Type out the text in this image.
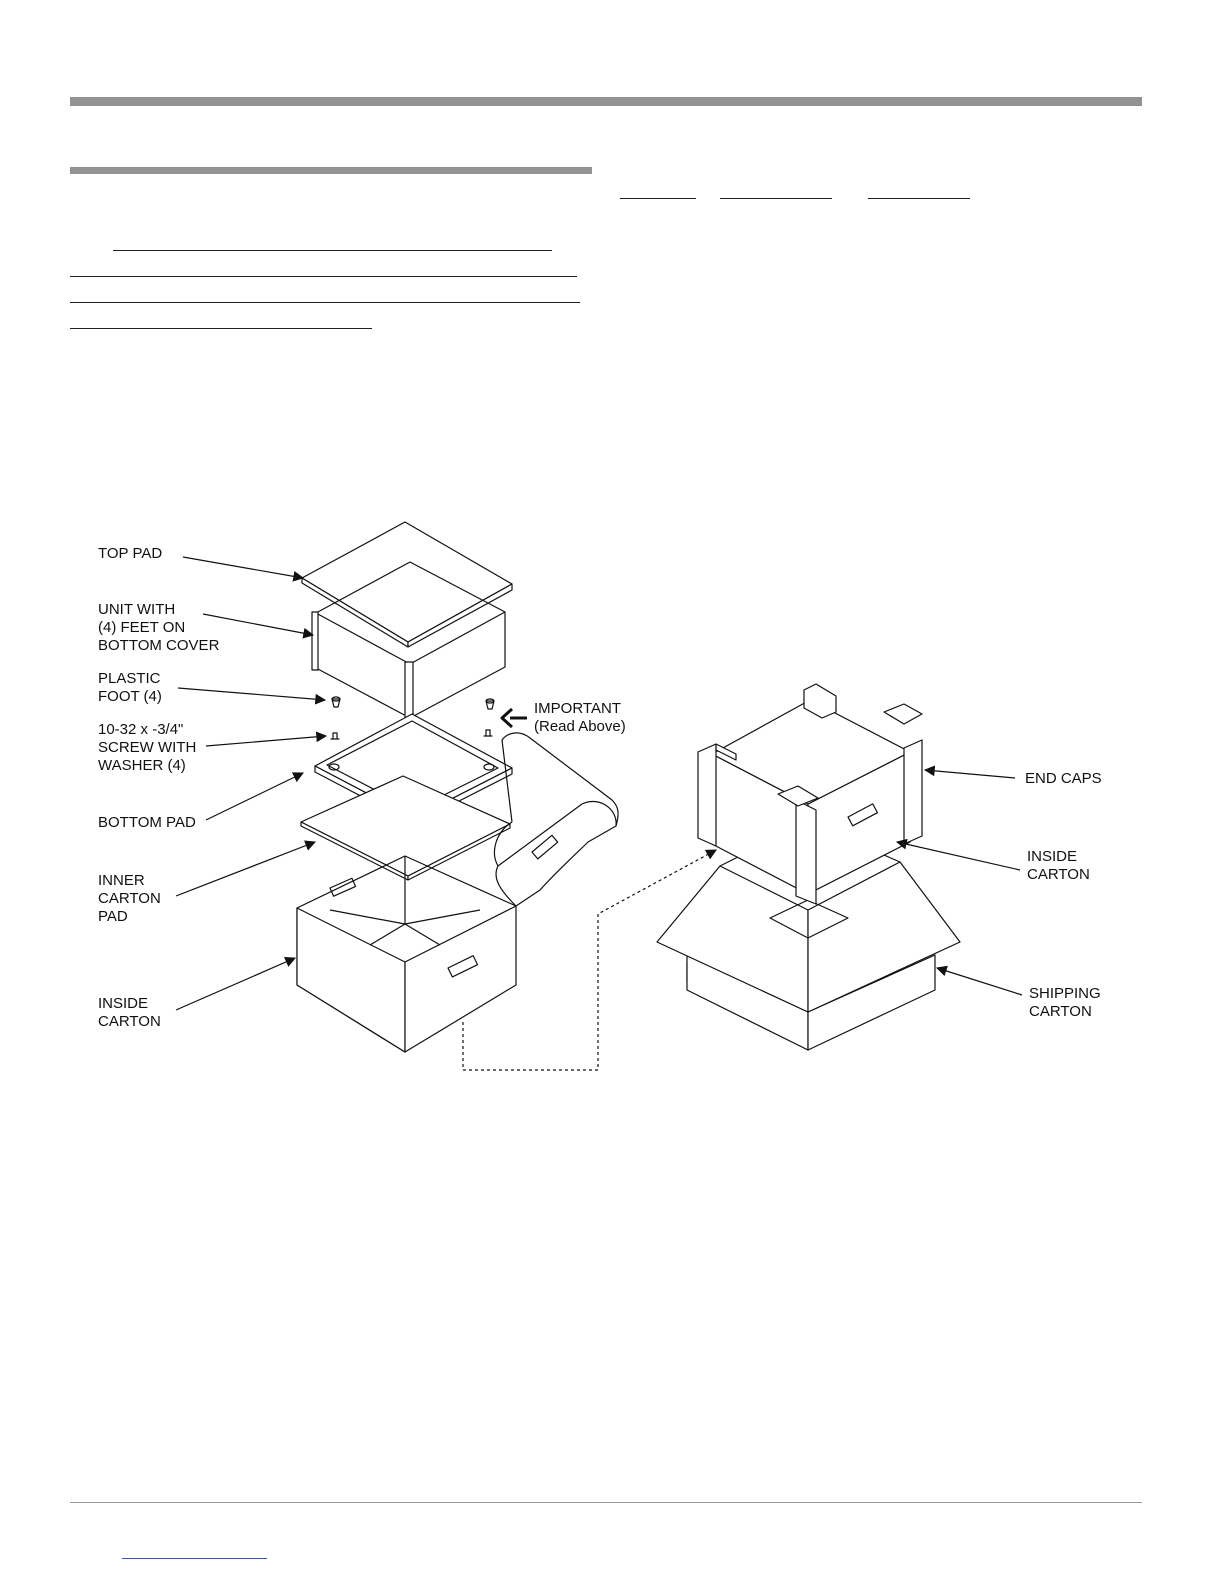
TOP PAD
UNIT WITH
(4) FEET ON
BOTTOM COVER
PLASTIC
FOOT (4)
10-32 x -3/4"
SCREW WITH
WASHER (4)
BOTTOM PAD
INNER
CARTON
PAD
INSIDE
CARTON
IMPORTANT
(Read Above)
END CAPS
INSIDE
CARTON
SHIPPING
CARTON
